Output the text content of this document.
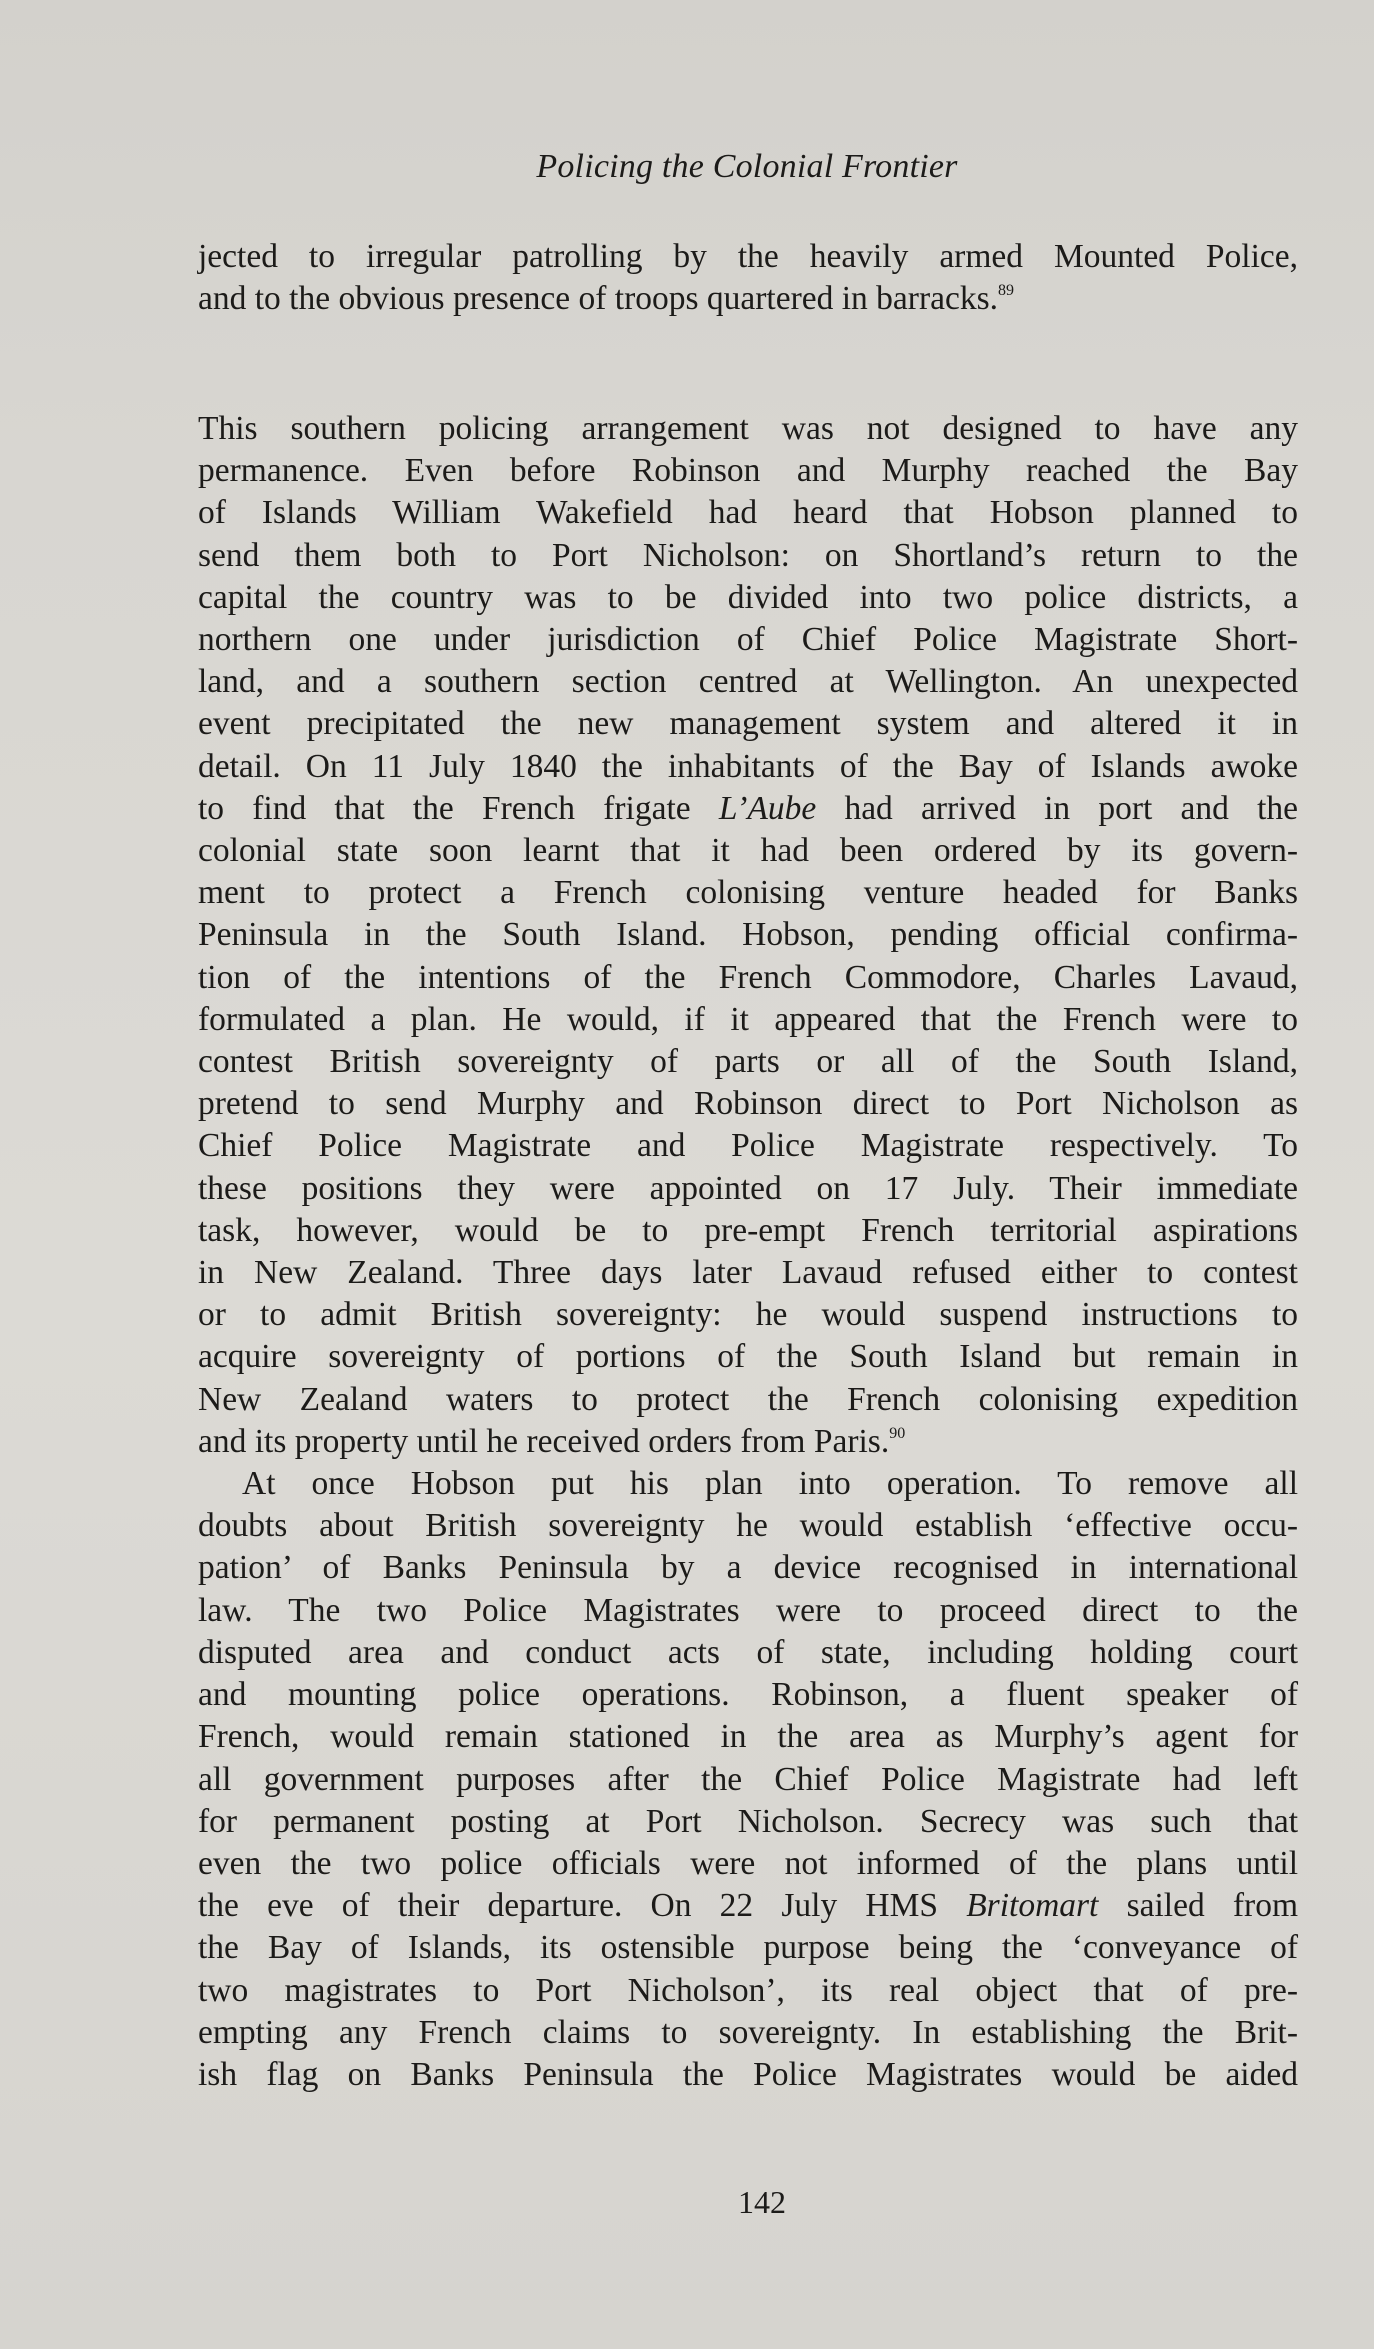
Policing the Colonial Frontier
jected to irregular patrolling by the heavily armed Mounted Police,
and to the obvious presence of troops quartered in barracks.$^{89}$
This southern policing arrangement was not designed to have any
permanence. Even before Robinson and Murphy reached the Bay
of Islands William Wakefield had heard that Hobson planned to
send them both to Port Nicholson: on Shortland’s return to the
capital the country was to be divided into two police districts, a
northern one under jurisdiction of Chief Police Magistrate Short-
land, and a southern section centred at Wellington. An unexpected
event precipitated the new management system and altered it in
detail. On 11 July 1840 the inhabitants of the Bay of Islands awoke
to find that the French frigate L’Aube had arrived in port and the
colonial state soon learnt that it had been ordered by its govern-
ment to protect a French colonising venture headed for Banks
Peninsula in the South Island. Hobson, pending official confirma-
tion of the intentions of the French Commodore, Charles Lavaud,
formulated a plan. He would, if it appeared that the French were to
contest British sovereignty of parts or all of the South Island,
pretend to send Murphy and Robinson direct to Port Nicholson as
Chief Police Magistrate and Police Magistrate respectively. To
these positions they were appointed on 17 July. Their immediate
task, however, would be to pre-empt French territorial aspirations
in New Zealand. Three days later Lavaud refused either to contest
or to admit British sovereignty: he would suspend instructions to
acquire sovereignty of portions of the South Island but remain in
New Zealand waters to protect the French colonising expedition
and its property until he received orders from Paris.$^{90}$
At once Hobson put his plan into operation. To remove all
doubts about British sovereignty he would establish ‘effective occu-
pation’ of Banks Peninsula by a device recognised in international
law. The two Police Magistrates were to proceed direct to the
disputed area and conduct acts of state, including holding court
and mounting police operations. Robinson, a fluent speaker of
French, would remain stationed in the area as Murphy’s agent for
all government purposes after the Chief Police Magistrate had left
for permanent posting at Port Nicholson. Secrecy was such that
even the two police officials were not informed of the plans until
the eve of their departure. On 22 July HMS Britomart sailed from
the Bay of Islands, its ostensible purpose being the ‘conveyance of
two magistrates to Port Nicholson’, its real object that of pre-
empting any French claims to sovereignty. In establishing the Brit-
ish flag on Banks Peninsula the Police Magistrates would be aided
142
